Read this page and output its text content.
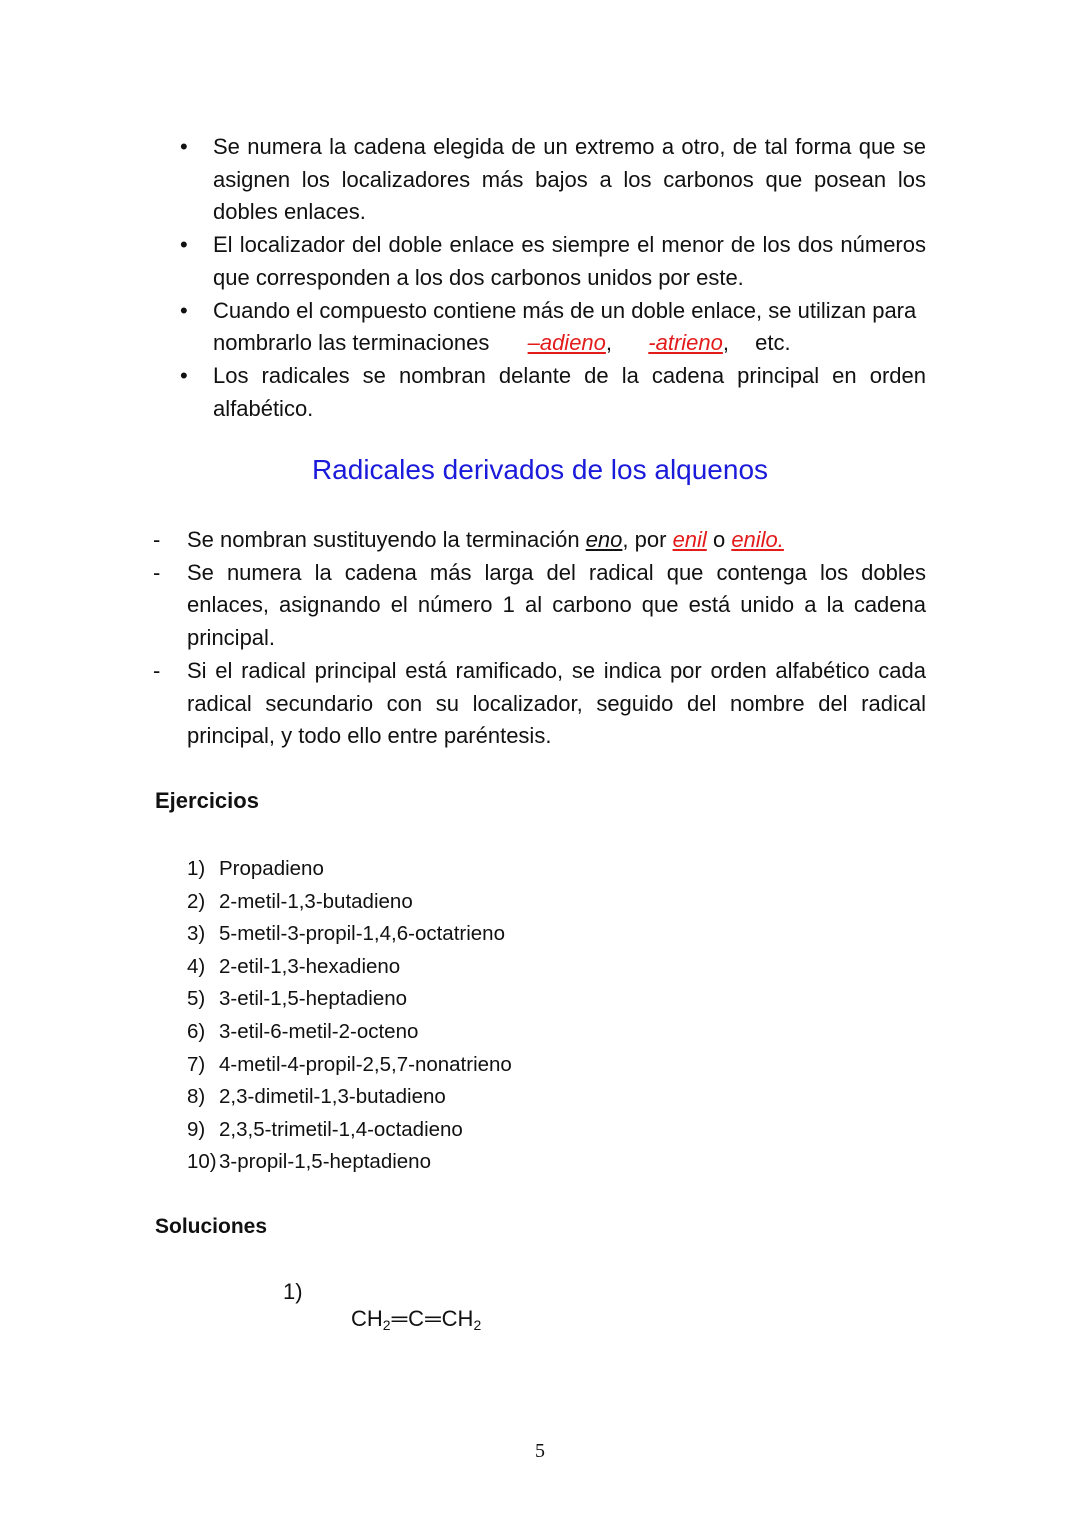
• Se numera la cadena elegida de un extremo a otro, de tal forma que se asignen los localizadores más bajos a los carbonos que posean los dobles enlaces.
• El localizador del doble enlace es siempre el menor de los dos números que corresponden a los dos carbonos unidos por este.
• Cuando el compuesto contiene más de un doble enlace, se utilizan para nombrarlo las terminaciones –adieno, -atrieno, etc.
• Los radicales se nombran delante de la cadena principal en orden alfabético.
Radicales derivados de los alquenos
- Se nombran sustituyendo la terminación eno, por enil o enilo.
- Se numera la cadena más larga del radical que contenga los dobles enlaces, asignando el número 1 al carbono que está unido a la cadena principal.
- Si el radical principal está ramificado, se indica por orden alfabético cada radical secundario con su localizador, seguido del nombre del radical principal, y todo ello entre paréntesis.
Ejercicios
1) Propadieno
2) 2-metil-1,3-butadieno
3) 5-metil-3-propil-1,4,6-octatrieno
4) 2-etil-1,3-hexadieno
5) 3-etil-1,5-heptadieno
6) 3-etil-6-metil-2-octeno
7) 4-metil-4-propil-2,5,7-nonatrieno
8) 2,3-dimetil-1,3-butadieno
9) 2,3,5-trimetil-1,4-octadieno
10) 3-propil-1,5-heptadieno
Soluciones
1)
$CH_2═C═CH_2$
5
